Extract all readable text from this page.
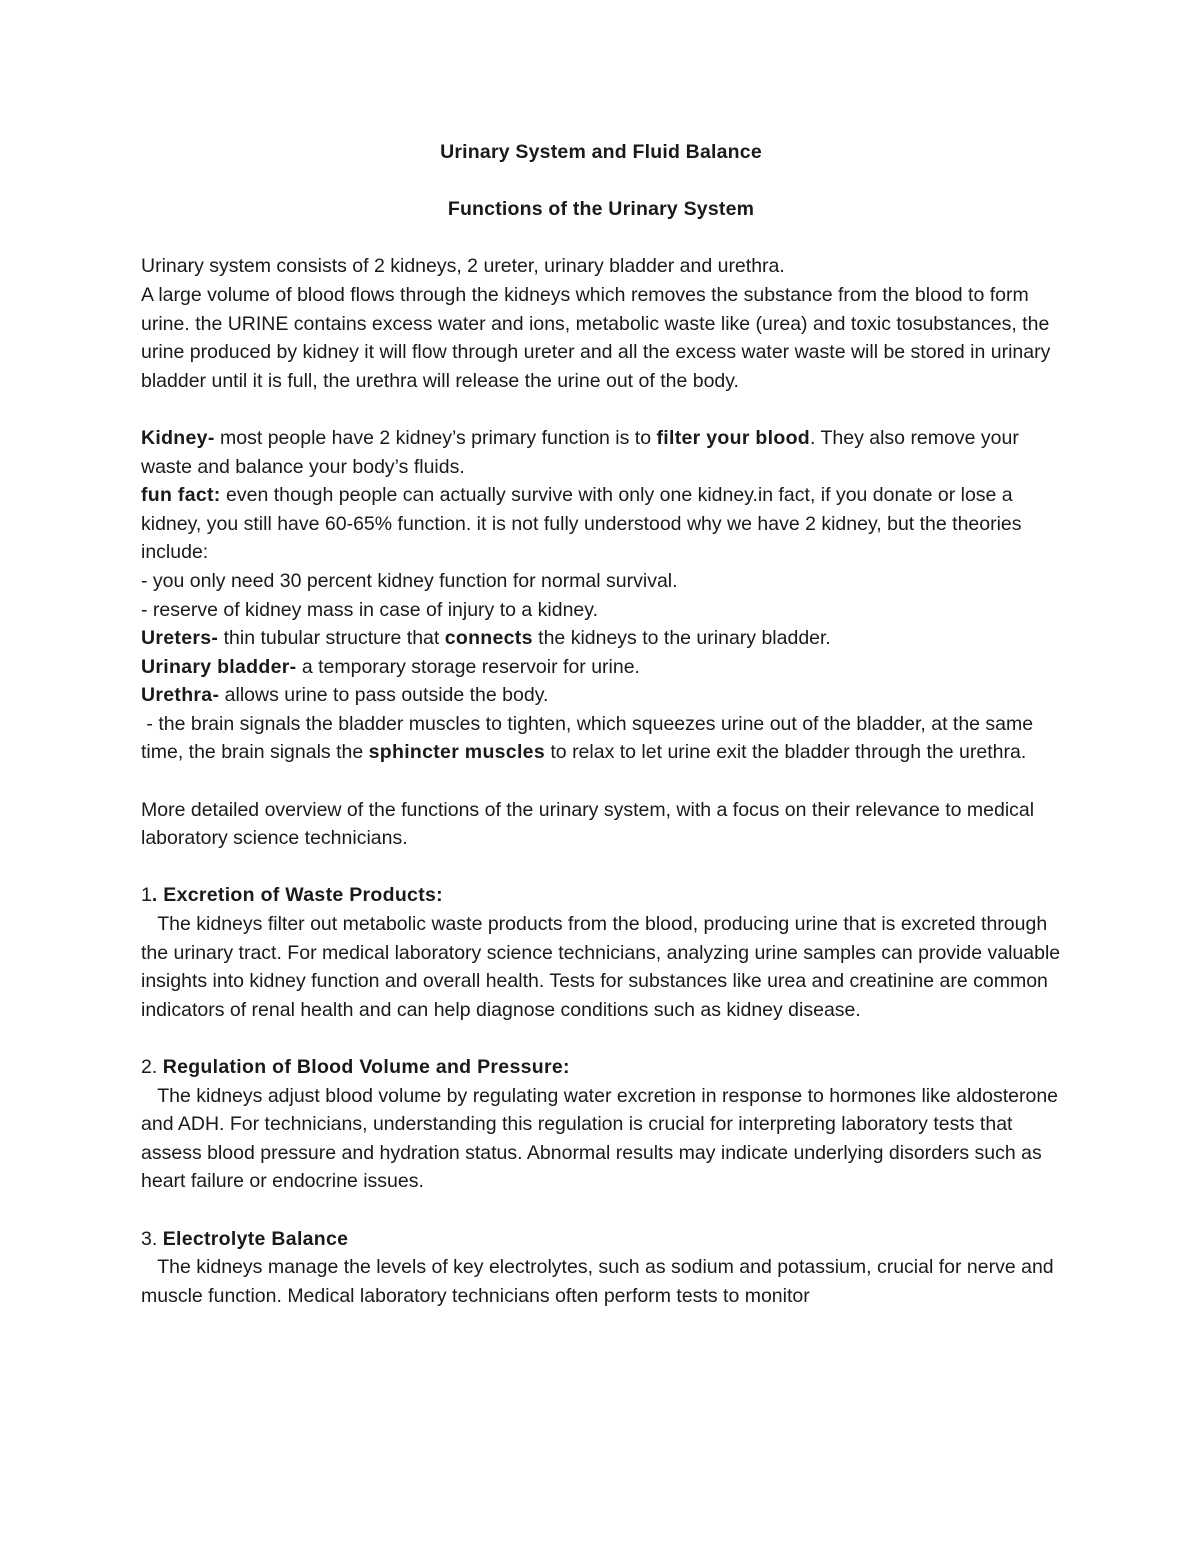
Urinary System and Fluid Balance

Functions of the Urinary System

Urinary system consists of 2 kidneys, 2 ureter, urinary bladder and urethra.

A large volume of blood flows through the kidneys which removes the substance from the blood to form urine. the URINE contains excess water and ions, metabolic waste like (urea) and toxic tosubstances, the urine produced by kidney it will flow through ureter and all the excess water waste will be stored in urinary bladder until it is full, the urethra will release the urine out of the body.

Kidney- most people have 2 kidney’s primary function is to filter your blood. They also remove your waste and balance your body’s fluids.

fun fact: even though people can actually survive with only one kidney.in fact, if you donate or lose a kidney, you still have 60-65% function. it is not fully understood why we have 2 kidney, but the theories include:

- you only need 30 percent kidney function for normal survival.

- reserve of kidney mass in case of injury to a kidney.

Ureters- thin tubular structure that connects the kidneys to the urinary bladder.

Urinary bladder- a temporary storage reservoir for urine.

Urethra- allows urine to pass outside the body.

- the brain signals the bladder muscles to tighten, which squeezes urine out of the bladder, at the same time, the brain signals the sphincter muscles to relax to let urine exit the bladder through the urethra.

More detailed overview of the functions of the urinary system, with a focus on their relevance to medical laboratory science technicians.

1. Excretion of Waste Products:

The kidneys filter out metabolic waste products from the blood, producing urine that is excreted through the urinary tract. For medical laboratory science technicians, analyzing urine samples can provide valuable insights into kidney function and overall health. Tests for substances like urea and creatinine are common indicators of renal health and can help diagnose conditions such as kidney disease.

2. Regulation of Blood Volume and Pressure:

The kidneys adjust blood volume by regulating water excretion in response to hormones like aldosterone and ADH. For technicians, understanding this regulation is crucial for interpreting laboratory tests that assess blood pressure and hydration status. Abnormal results may indicate underlying disorders such as heart failure or endocrine issues.

3. Electrolyte Balance

The kidneys manage the levels of key electrolytes, such as sodium and potassium, crucial for nerve and muscle function. Medical laboratory technicians often perform tests to monitor
